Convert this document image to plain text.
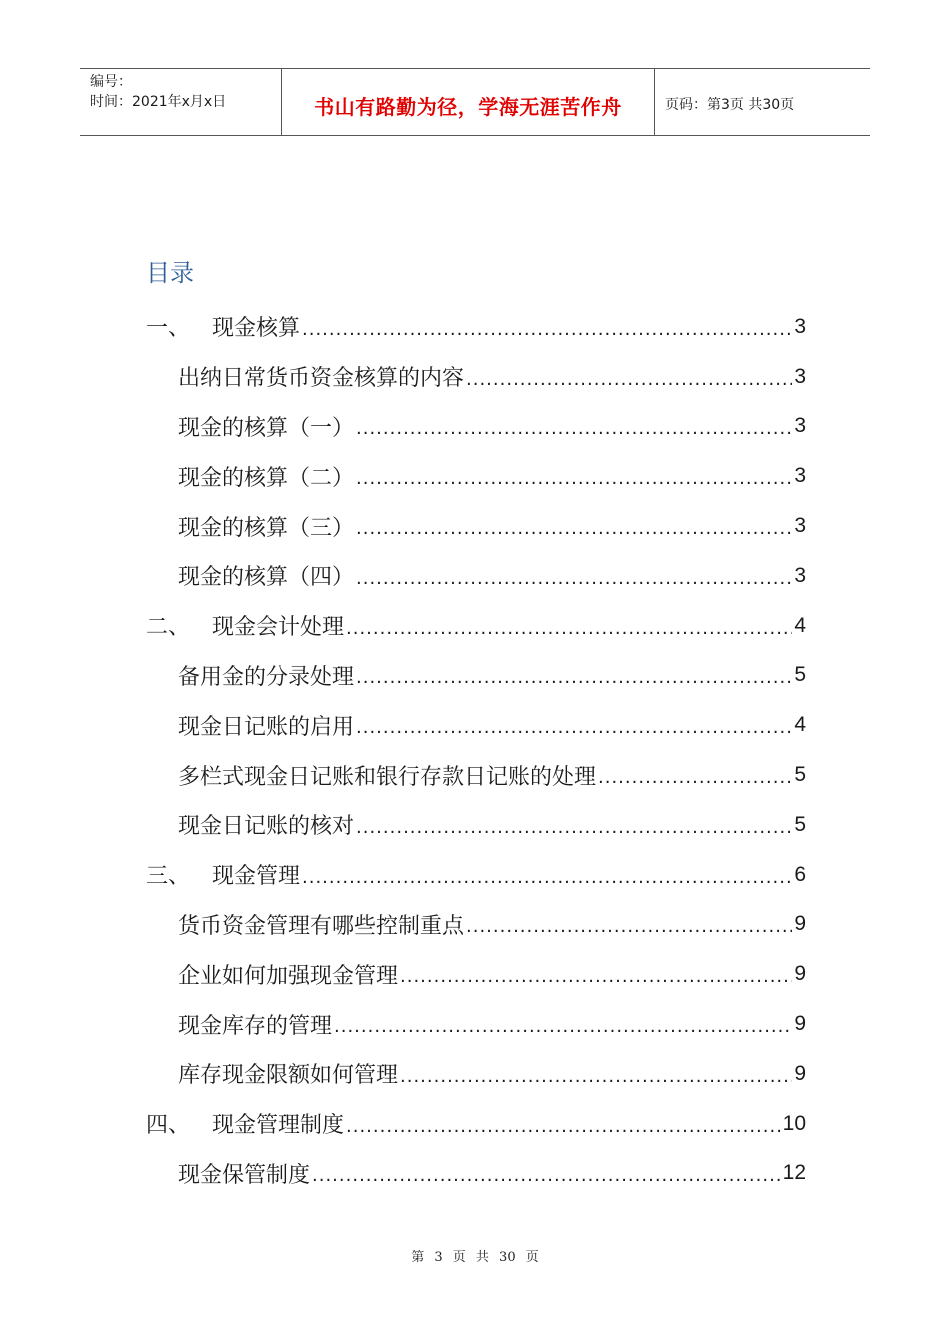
编号：
时间：2021年x月x日	书山有路勤为径，学海无涯苦作舟	页码：第3页 共30页
目录
一、 现金核算 .....	3
出纳日常货币资金核算的内容 .....	3
现金的核算（一） .....	3
现金的核算（二） .....	3
现金的核算（三） .....	3
现金的核算（四） .....	3
二、 现金会计处理 .....	4
备用金的分录处理 .....	5
现金日记账的启用 .....	4
多栏式现金日记账和银行存款日记账的处理 .....	5
现金日记账的核对 .....	5
三、 现金管理 .....	6
货币资金管理有哪些控制重点 .....	9
企业如何加强现金管理 .....	9
现金库存的管理 .....	9
库存现金限额如何管理 .....	9
四、 现金管理制度 .....	10
现金保管制度 .....	12
第 3 页 共 30 页
